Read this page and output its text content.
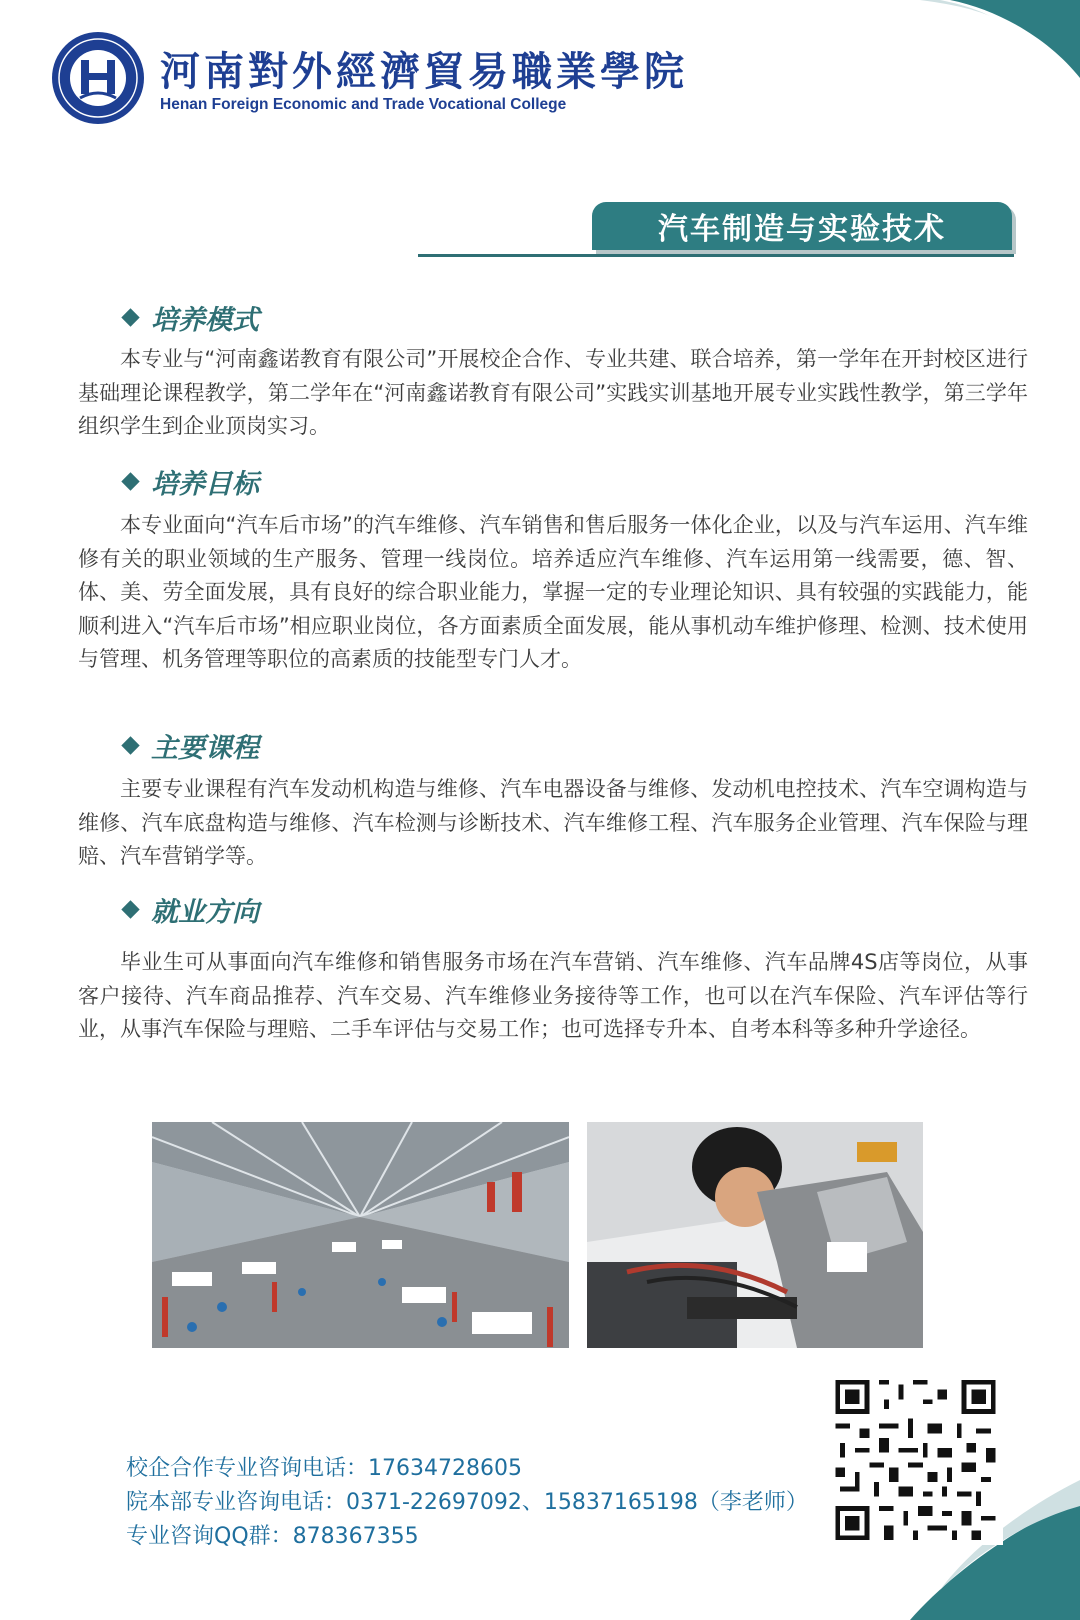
河南對外經濟貿易職業學院
Henan Foreign Economic and Trade Vocational College
汽车制造与实验技术
培养模式

本专业与“河南鑫诺教育有限公司”开展校企合作、专业共建、联合培养，第一学年在开封校区进行基础理论课程教学，第二学年在“河南鑫诺教育有限公司”实践实训基地开展专业实践性教学，第三学年组织学生到企业顶岗实习。

培养目标

本专业面向“汽车后市场”的汽车维修、汽车销售和售后服务一体化企业，以及与汽车运用、汽车维修有关的职业领域的生产服务、管理一线岗位。培养适应汽车维修、汽车运用第一线需要，德、智、体、美、劳全面发展，具有良好的综合职业能力，掌握一定的专业理论知识、具有较强的实践能力，能顺利进入“汽车后市场”相应职业岗位，各方面素质全面发展，能从事机动车维护修理、检测、技术使用与管理、机务管理等职位的高素质的技能型专门人才。

主要课程

主要专业课程有汽车发动机构造与维修、汽车电器设备与维修、发动机电控技术、汽车空调构造与维修、汽车底盘构造与维修、汽车检测与诊断技术、汽车维修工程、汽车服务企业管理、汽车保险与理赔、汽车营销学等。

就业方向

毕业生可从事面向汽车维修和销售服务市场在汽车营销、汽车维修、汽车品牌4S店等岗位，从事客户接待、汽车商品推荐、汽车交易、汽车维修业务接待等工作，也可以在汽车保险、汽车评估等行业，从事汽车保险与理赔、二手车评估与交易工作；也可选择专升本、自考本科等多种升学途径。

校企合作专业咨询电话：17634728605
院本部专业咨询电话：0371-22697092、15837165198（李老师）
专业咨询QQ群：878367355
